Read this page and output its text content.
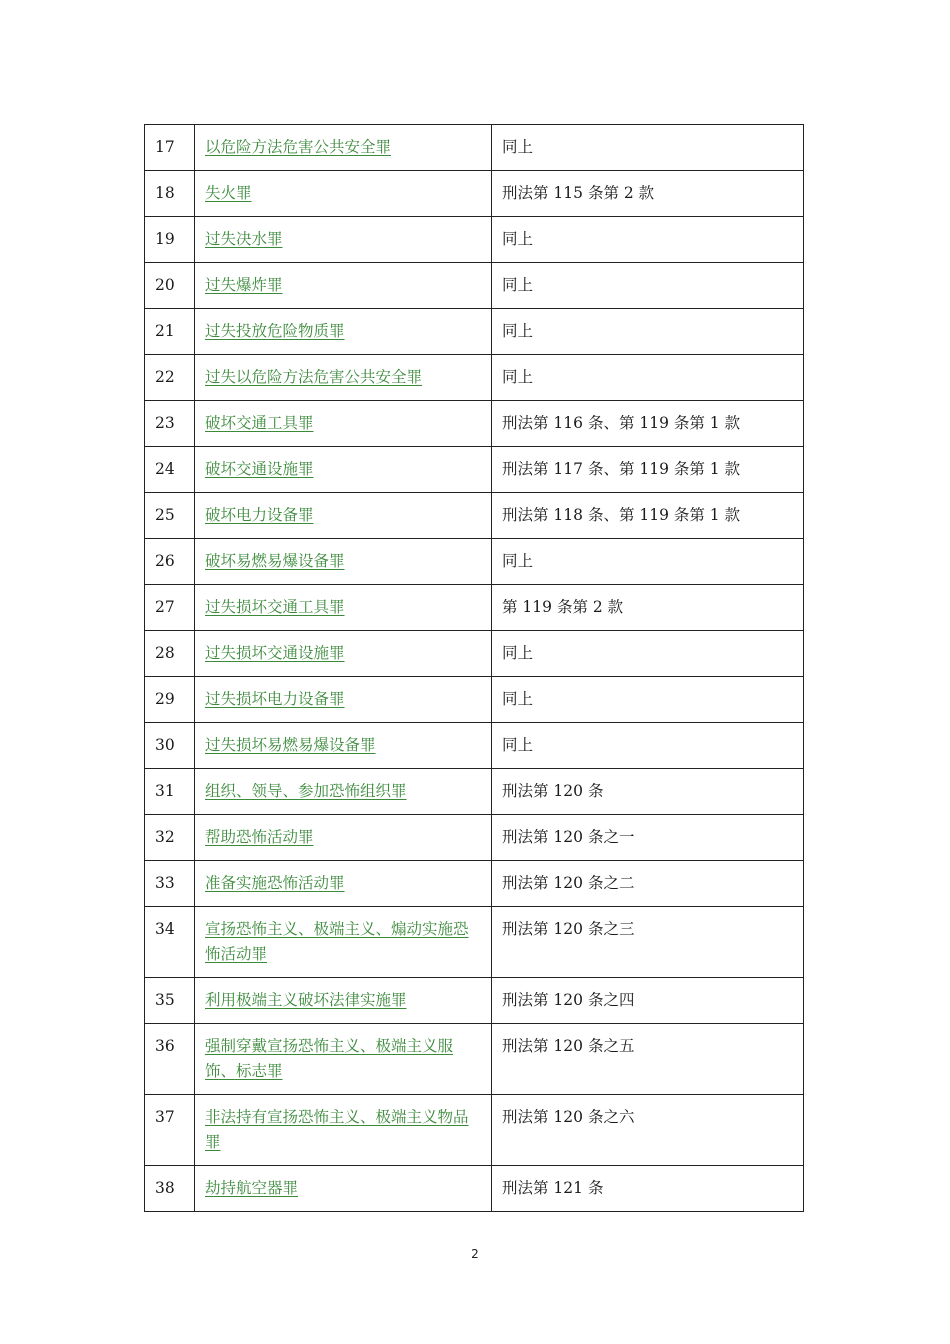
17	以危险方法危害公共安全罪	同上
18	失火罪	刑法第 115 条第 2 款
19	过失决水罪	同上
20	过失爆炸罪	同上
21	过失投放危险物质罪	同上
22	过失以危险方法危害公共安全罪	同上
23	破坏交通工具罪	刑法第 116 条、第 119 条第 1 款
24	破坏交通设施罪	刑法第 117 条、第 119 条第 1 款
25	破坏电力设备罪	刑法第 118 条、第 119 条第 1 款
26	破坏易燃易爆设备罪	同上
27	过失损坏交通工具罪	第 119 条第 2 款
28	过失损坏交通设施罪	同上
29	过失损坏电力设备罪	同上
30	过失损坏易燃易爆设备罪	同上
31	组织、领导、参加恐怖组织罪	刑法第 120 条
32	帮助恐怖活动罪	刑法第 120 条之一
33	准备实施恐怖活动罪	刑法第 120 条之二
34	宣扬恐怖主义、极端主义、煽动实施恐怖活动罪	刑法第 120 条之三
35	利用极端主义破坏法律实施罪	刑法第 120 条之四
36	强制穿戴宣扬恐怖主义、极端主义服饰、标志罪	刑法第 120 条之五
37	非法持有宣扬恐怖主义、极端主义物品罪	刑法第 120 条之六
38	劫持航空器罪	刑法第 121 条
2
